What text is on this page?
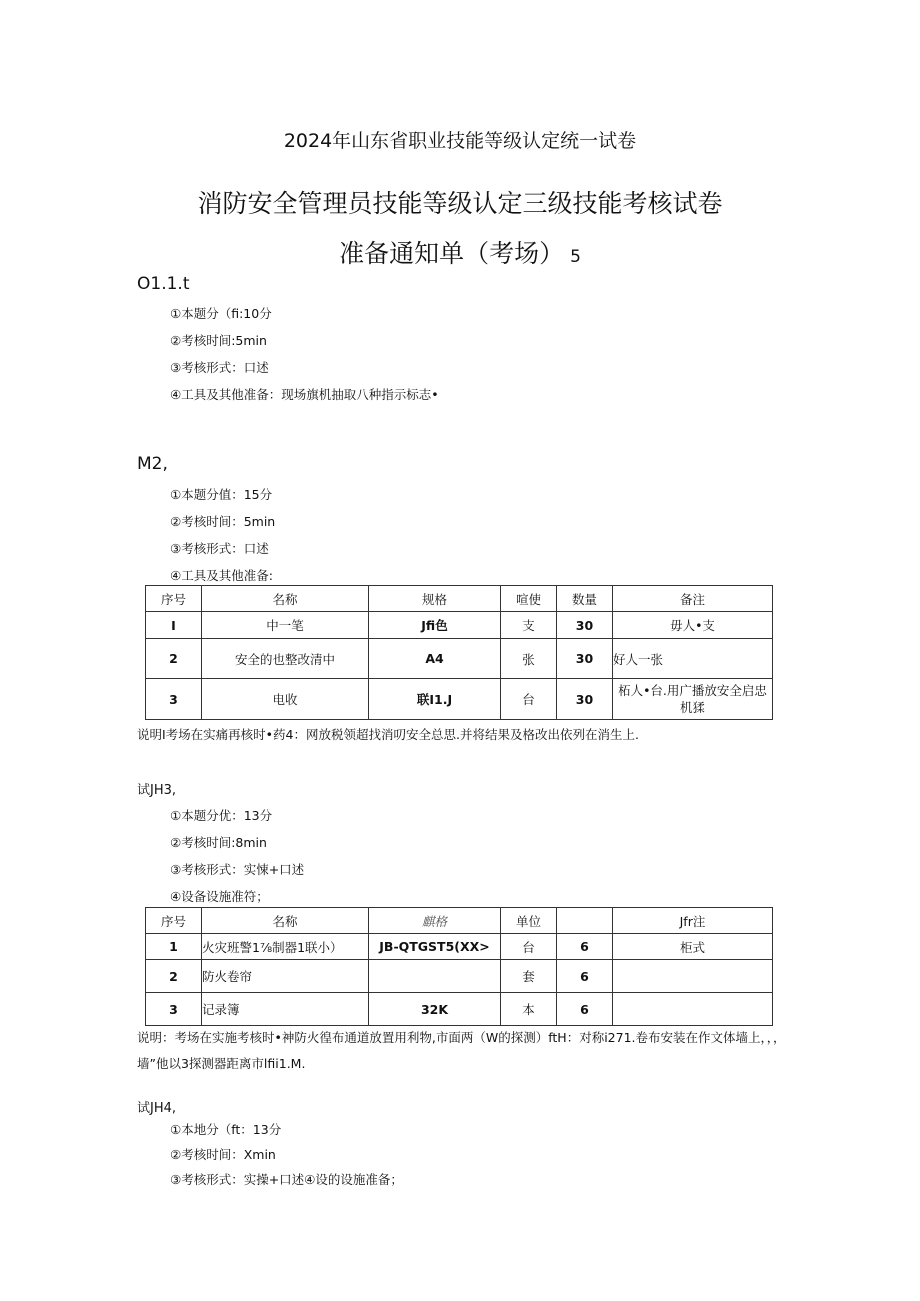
2024年山东省职业技能等级认定统一试卷
消防安全管理员技能等级认定三级技能考核试卷
准备通知单（考场） 5
O1.1.t
①本题分（fi:10分
②考核时间:5min
③考核形式：口述
④工具及其他准备：现场旗机抽取八种指示标志•
M2,
①本题分值：15分
②考核时间：5min
③考核形式：口述
④工具及其他准备:
序号	名称	规格	喧使	数量	备注
I	中一笔	Jfi色	支	30	毋人•支
2	安全的也整改清中	A4	张	30	好人一张
3	电收	联I1.J	台	30	柘人•台.用广播放安全启忠机猱
说明I考场在实痛再核时•药4：网放税领超找消叨安全总思.并将结果及格改出依列在消生上.
试JH3,
①本题分优：13分
②考核时间:8min
③考核形式：实悚+口述
④设备设施准符；
序号	名称	麒格	单位		Jfr注
1	火灾班警1⅞制器1联小）	JB-QTGST5(XX>	台	6	柜式
2	防火卷帘		套	6	
3	记录簿	32K	本	6	
说明：考场在实施考核时•神防火徨布通道放置用利物,市面两（W的探测）ftH：对称i271.卷布安装在作文体墙上，，，墙”他以3探测器距离市lfii1.M.
试JH4,
①本地分（ft：13分
②考核时间：Xmin
③考核形式：实操+口述④设的设施准备；
